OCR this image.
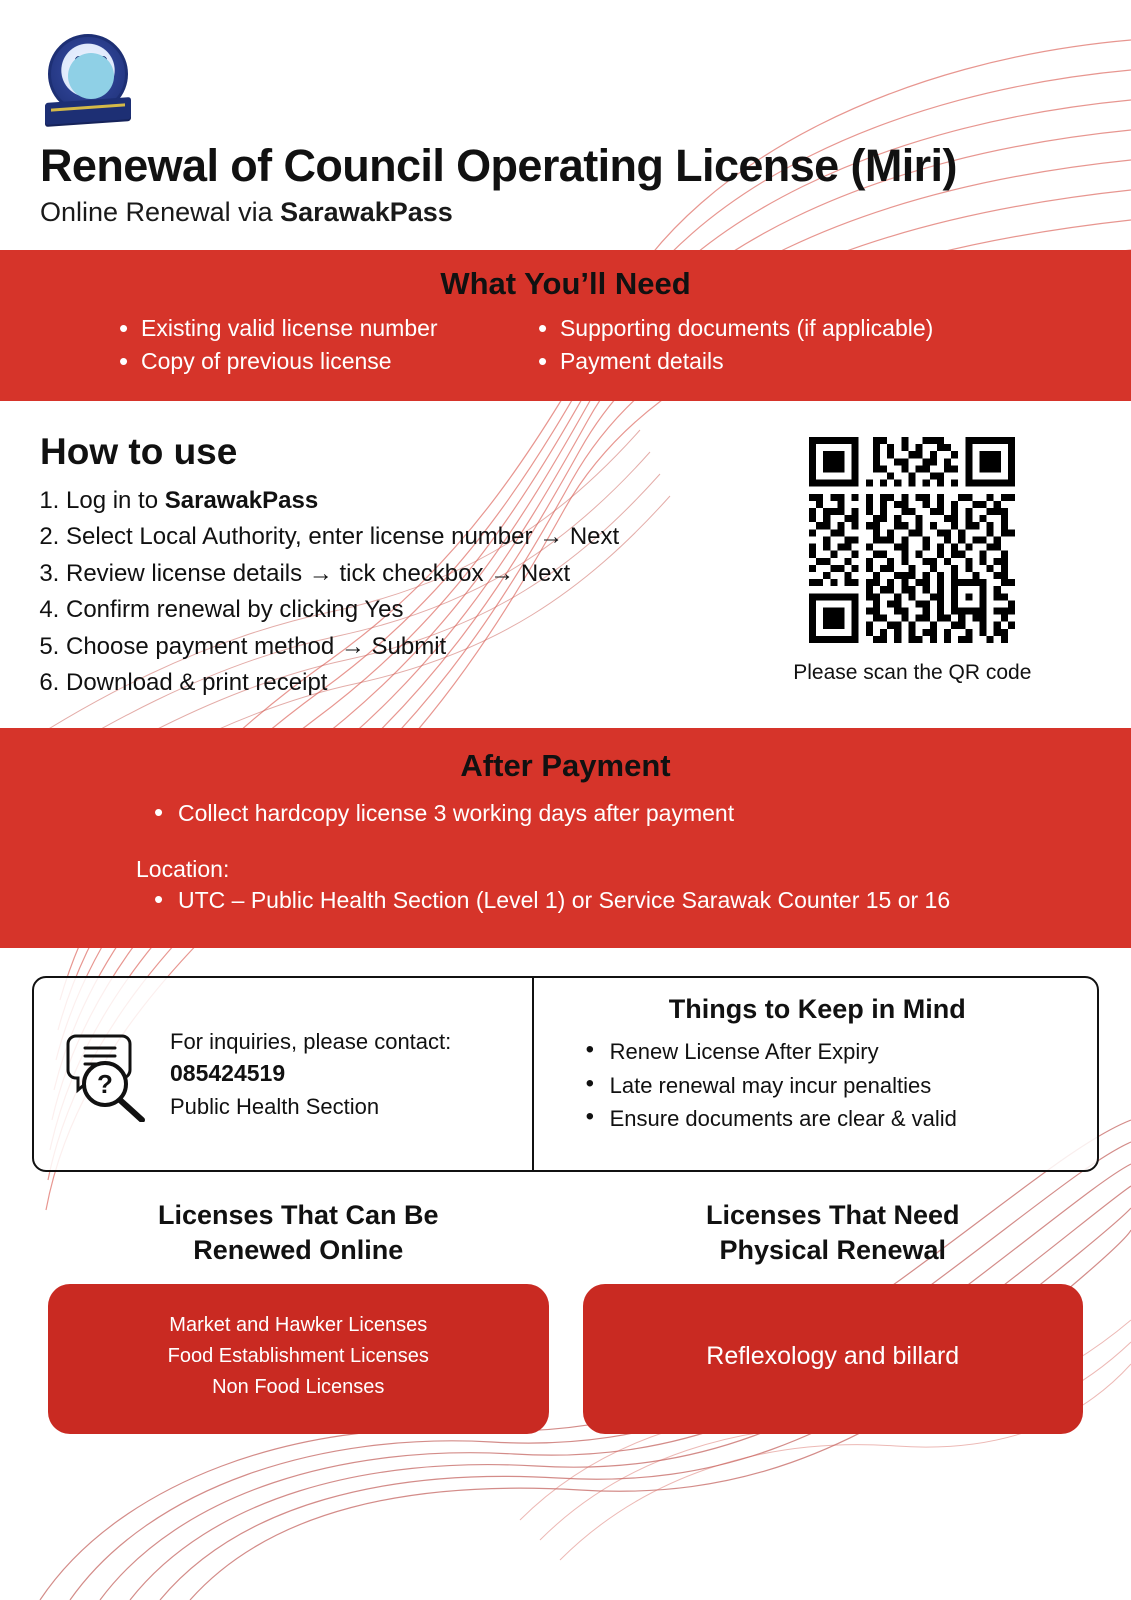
Renewal of Council Operating License (Miri)
Online Renewal via SarawakPass
What You’ll Need
• Existing valid license number
• Copy of previous license
• Supporting documents (if applicable)
• Payment details
How to use
1. Log in to SarawakPass
2. Select Local Authority, enter license number → Next
3. Review license details → tick checkbox → Next
4. Confirm renewal by clicking Yes
5. Choose payment method → Submit
6. Download & print receipt	Please scan the QR code
After Payment
• Collect hardcopy license 3 working days after payment
Location:
• UTC – Public Health Section (Level 1) or Service Sarawak Counter 15 or 16
?
For inquiries, please contact:
085424519
Public Health Section
Things to Keep in Mind
• Renew License After Expiry
• Late renewal may incur penalties
• Ensure documents are clear & valid
Licenses That Can Be
Renewed Online
Market and Hawker Licenses
Food Establishment Licenses
Non Food Licenses
Licenses That Need
Physical Renewal
Reflexology and billard
